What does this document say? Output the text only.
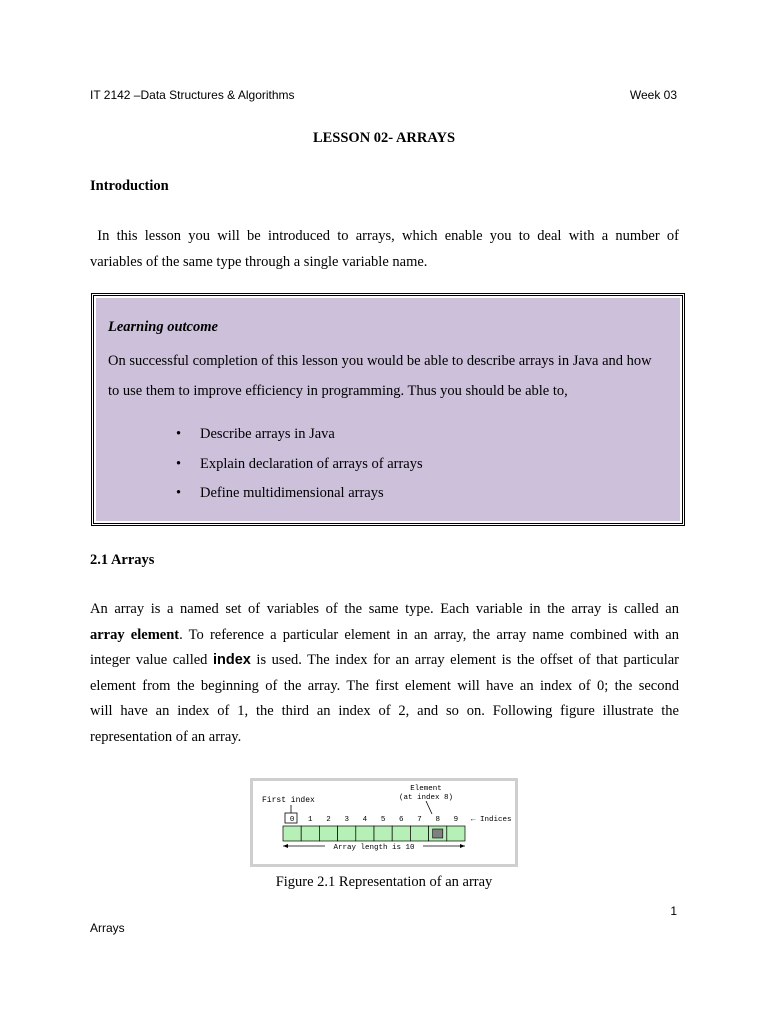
IT 2142 –Data Structures & Algorithms	Week 03
LESSON 02- ARRAYS
Introduction
In this lesson you will be introduced to arrays, which enable you to deal with a number of
variables of the same type through a single variable name.
Learning outcome
On successful completion of this lesson you would be able to describe arrays in Java and how
to use them to improve efficiency in programming. Thus you should be able to,
• Describe arrays in Java
• Explain declaration of arrays of arrays
• Define multidimensional arrays
2.1 Arrays
An array is a named set of variables of the same type. Each variable in the array is called an
array element. To reference a particular element in an array, the array name combined with an
integer value called index is used. The index for an array element is the offset of that particular
element from the beginning of the array. The first element will have an index of 0; the second
will have an index of 1, the third an index of 2, and so on. Following figure illustrate the
representation of an array.
First index
Element
(at index 8)
0 1 2 3 4 5 6 7 8 9 ← Indices
Array length is 10
Figure 2.1 Representation of an array
1
Arrays
